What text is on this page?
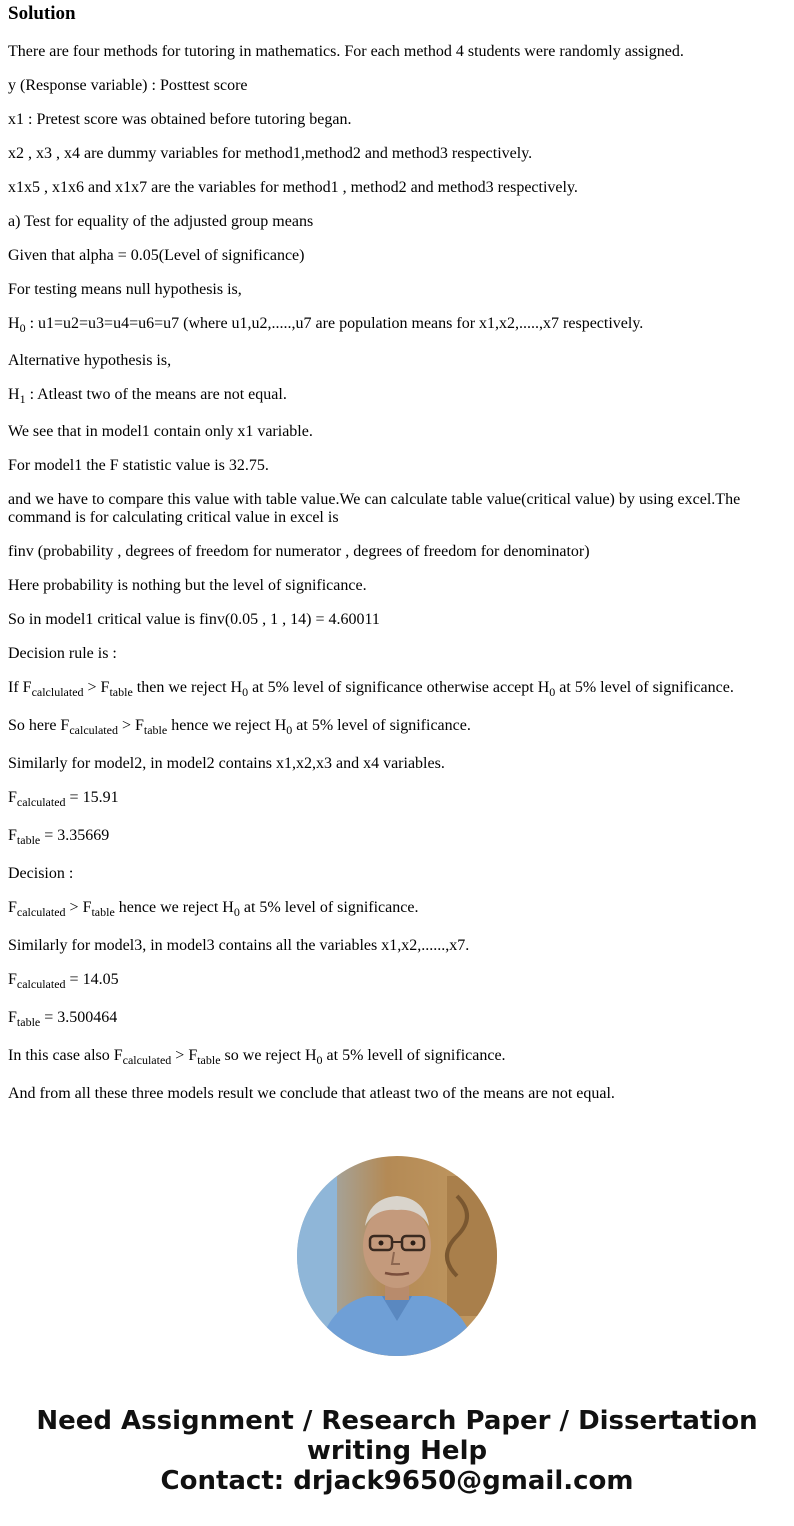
Solution

There are four methods for tutoring in mathematics. For each method 4 students were randomly assigned.

y (Response variable) : Posttest score

x1 : Pretest score was obtained before tutoring began.

x2 , x3 , x4 are dummy variables for method1,method2 and method3 respectively.

x1x5 , x1x6 and x1x7 are the variables for method1 , method2 and method3 respectively.

a) Test for equality of the adjusted group means

Given that alpha = 0.05(Level of significance)

For testing means null hypothesis is,

$H_0$ : u1=u2=u3=u4=u6=u7 (where u1,u2,.....,u7 are population means for x1,x2,.....,x7 respectively.

Alternative hypothesis is,

$H_1$ : Atleast two of the means are not equal.

We see that in model1 contain only x1 variable.

For model1 the F statistic value is 32.75.

and we have to compare this value with table value.We can calculate table value(critical value) by using excel.The command is for calculating critical value in excel is

finv (probability , degrees of freedom for numerator , degrees of freedom for denominator)

Here probability is nothing but the level of significance.

So in model1 critical value is finv(0.05 , 1 , 14) = 4.60011

Decision rule is :

If $F_{calclulated} > F_{table}$ then we reject $H_0$ at 5% level of significance otherwise accept $H_0$ at 5% level of significance.

So here $F_{calculated} > F_{table}$ hence we reject $H_0$ at 5% level of significance.

Similarly for model2, in model2 contains x1,x2,x3 and x4 variables.

$F_{calculated} = 15.91$

$F_{table} = 3.35669$

Decision :

$F_{calculated} > F_{table}$ hence we reject $H_0$ at 5% level of significance.

Similarly for model3, in model3 contains all the variables x1,x2,......,x7.

$F_{calculated} = 14.05$

$F_{table} = 3.500464$

In this case also $F_{calculated} > F_{table}$ so we reject $H_0$ at 5% levell of significance.

And from all these three models result we conclude that atleast two of the means are not equal.

Need Assignment / Research Paper / Dissertation
writing Help
Contact: drjack9650@gmail.com
